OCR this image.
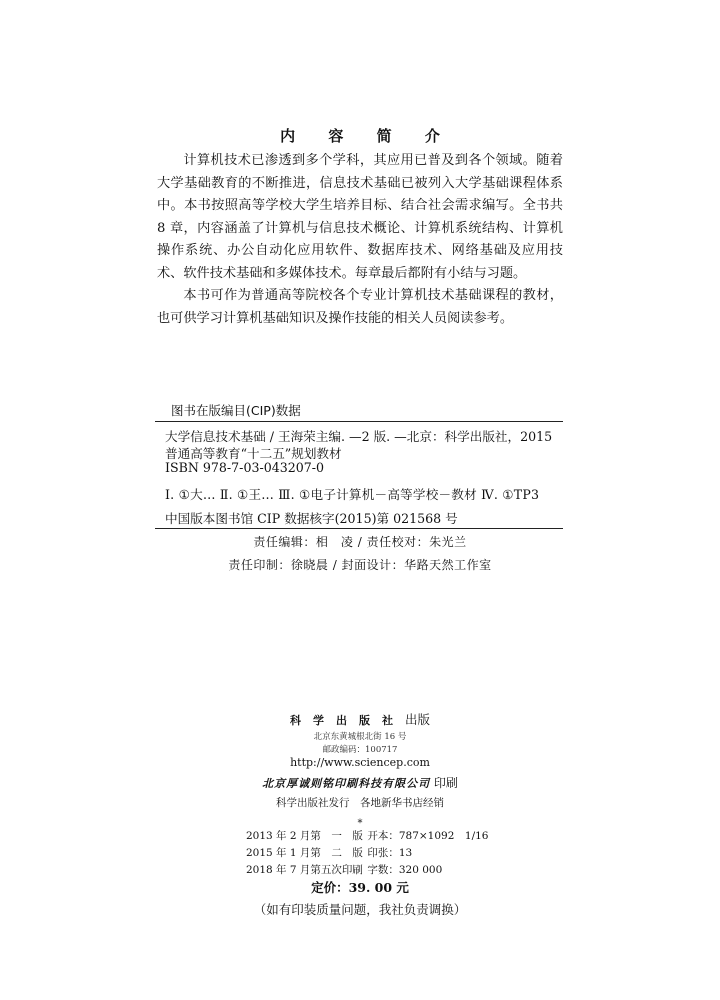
内 容 简 介

计算机技术已渗透到多个学科，其应用已普及到各个领域。随着大学基础教育的不断推进，信息技术基础已被列入大学基础课程体系中。本书按照高等学校大学生培养目标、结合社会需求编写。全书共 8 章，内容涵盖了计算机与信息技术概论、计算机系统结构、计算机操作系统、办公自动化应用软件、数据库技术、网络基础及应用技术、软件技术基础和多媒体技术。每章最后都附有小结与习题。

本书可作为普通高等院校各个专业计算机技术基础课程的教材，也可供学习计算机基础知识及操作技能的相关人员阅读参考。

图书在版编目(CIP)数据
大学信息技术基础 / 王海荣主编. —2 版. —北京：科学出版社，2015
普通高等教育“十二五”规划教材
ISBN 978-7-03-043207-0
Ⅰ. ①大… Ⅱ. ①王… Ⅲ. ①电子计算机－高等学校－教材 Ⅳ. ①TP3
中国版本图书馆 CIP 数据核字(2015)第 021568 号
责任编辑：相　凌 / 责任校对：朱光兰
责任印制：徐晓晨 / 封面设计：华路天然工作室
科学出版社出版
北京东黄城根北街 16 号
邮政编码：100717
http://www.sciencep.com
北京厚诚则铭印刷科技有限公司 印刷
科学出版社发行　各地新华书店经销
*
2013 年 2 月第　一　版 开本：787×1092　1/16
2015 年 1 月第　二　版 印张：13
2018 年 7 月第五次印刷 字数：320 000
定价：39. 00 元
（如有印装质量问题，我社负责调换）
